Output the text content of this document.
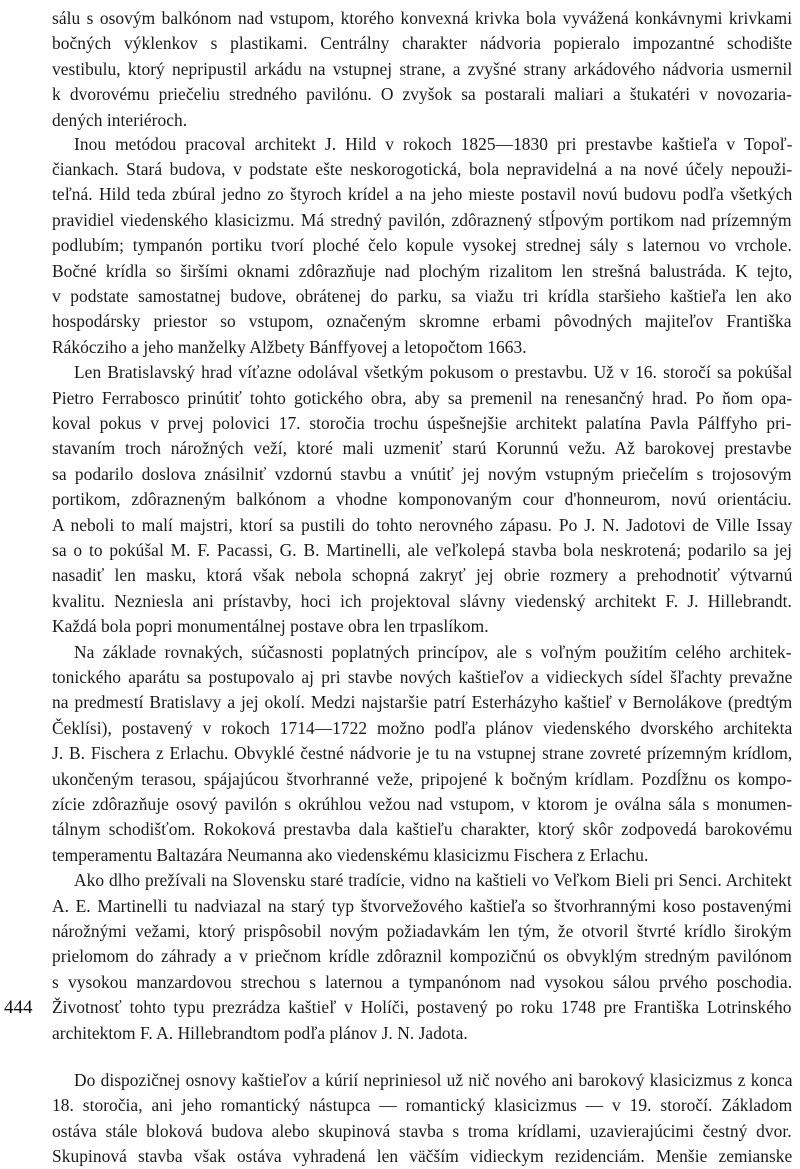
sálu s osovým balkónom nad vstupom, ktorého konvexná krivka bola vyvážená konkávnymi krivkami
bočných výklenkov s plastikami. Centrálny charakter nádvoria popieralo impozantné schodište
vestibulu, ktorý nepripustil arkádu na vstupnej strane, a zvyšné strany arkádového nádvoria usmernil
k dvorovému priečeliu stredného pavilónu. O zvyšok sa postarali maliari a štukatéri v novozaria-
dených interiéroch.
Inou metódou pracoval architekt J. Hild v rokoch 1825—1830 pri prestavbe kaštieľa v Topoľ-
čiankach. Stará budova, v podstate ešte neskorogotická, bola nepravidelná a na nové účely nepouži-
teľná. Hild teda zbúral jedno zo štyroch krídel a na jeho mieste postavil novú budovu podľa všetkých
pravidiel viedenského klasicizmu. Má stredný pavilón, zdôraznený stĺpovým portikom nad prízemným
podlubím; tympanón portiku tvorí ploché čelo kopule vysokej strednej sály s laternou vo vrchole.
Bočné krídla so širšími oknami zdôrazňuje nad plochým rizalitom len strešná balustráda. K tejto,
v podstate samostatnej budove, obrátenej do parku, sa viažu tri krídla staršieho kaštieľa len ako
hospodársky priestor so vstupom, označeným skromne erbami pôvodných majiteľov Františka
Rákócziho a jeho manželky Alžbety Bánffyovej a letopočtom 1663.
Len Bratislavský hrad víťazne odolával všetkým pokusom o prestavbu. Už v 16. storočí sa pokúšal
Pietro Ferrabosco prinútiť tohto gotického obra, aby sa premenil na renesančný hrad. Po ňom opa-
koval pokus v prvej polovici 17. storočia trochu úspešnejšie architekt palatína Pavla Pálffyho pri-
stavaním troch nárožných veží, ktoré mali uzmeniť starú Korunnú vežu. Až barokovej prestavbe
sa podarilo doslova znásilniť vzdornú stavbu a vnútiť jej novým vstupným priečelím s trojosovým
portikom, zdôrazneným balkónom a vhodne komponovaným cour d'honneurom, novú orientáciu.
A neboli to malí majstri, ktorí sa pustili do tohto nerovného zápasu. Po J. N. Jadotovi de Ville Issay
sa o to pokúšal M. F. Pacassi, G. B. Martinelli, ale veľkolepá stavba bola neskrotená; podarilo sa jej
nasadiť len masku, ktorá však nebola schopná zakryť jej obrie rozmery a prehodnotiť výtvarnú
kvalitu. Nezniesla ani prístavby, hoci ich projektoval slávny viedenský architekt F. J. Hillebrandt.
Každá bola popri monumentálnej postave obra len trpaslíkom.
Na základe rovnakých, súčasnosti poplatných princípov, ale s voľným použitím celého architek-
tonického aparátu sa postupovalo aj pri stavbe nových kaštieľov a vidieckych sídel šľachty prevažne
na predmestí Bratislavy a jej okolí. Medzi najstaršie patrí Esterházyho kaštieľ v Bernolákove (predtým
Čeklísi), postavený v rokoch 1714—1722 možno podľa plánov viedenského dvorského architekta
J. B. Fischera z Erlachu. Obvyklé čestné nádvorie je tu na vstupnej strane zovreté prízemným krídlom,
ukončeným terasou, spájajúcou štvorhranné veže, pripojené k bočným krídlam. Pozdĺžnu os kompo-
zície zdôrazňuje osový pavilón s okrúhlou vežou nad vstupom, v ktorom je oválna sála s monumen-
tálnym schodišťom. Rokoková prestavba dala kaštieľu charakter, ktorý skôr zodpovedá barokovému
temperamentu Baltazára Neumanna ako viedenskému klasicizmu Fischera z Erlachu.
Ako dlho prežívali na Slovensku staré tradície, vidno na kaštieli vo Veľkom Bieli pri Senci. Architekt
A. E. Martinelli tu nadviazal na starý typ štvorvežového kaštieľa so štvorhrannými koso postavenými
nárožnými vežami, ktorý prispôsobil novým požiadavkám len tým, že otvoril štvrté krídlo širokým
prielomom do záhrady a v priečnom krídle zdôraznil kompozičnú os obvyklým stredným pavilónom
s vysokou manzardovou strechou s laternou a tympanónom nad vysokou sálou prvého poschodia.
Životnosť tohto typu prezrádza kaštieľ v Holíči, postavený po roku 1748 pre Františka Lotrinského
architektom F. A. Hillebrandtom podľa plánov J. N. Jadota.
Do dispozičnej osnovy kaštieľov a kúrií nepriniesol už nič nového ani barokový klasicizmus z konca
18. storočia, ani jeho romantický nástupca — romantický klasicizmus — v 19. storočí. Základom
ostáva stále bloková budova alebo skupinová stavba s troma krídlami, uzavierajúcimi čestný dvor.
Skupinová stavba však ostáva vyhradená len väčším vidieckym rezidenciám. Menšie zemianske
444
